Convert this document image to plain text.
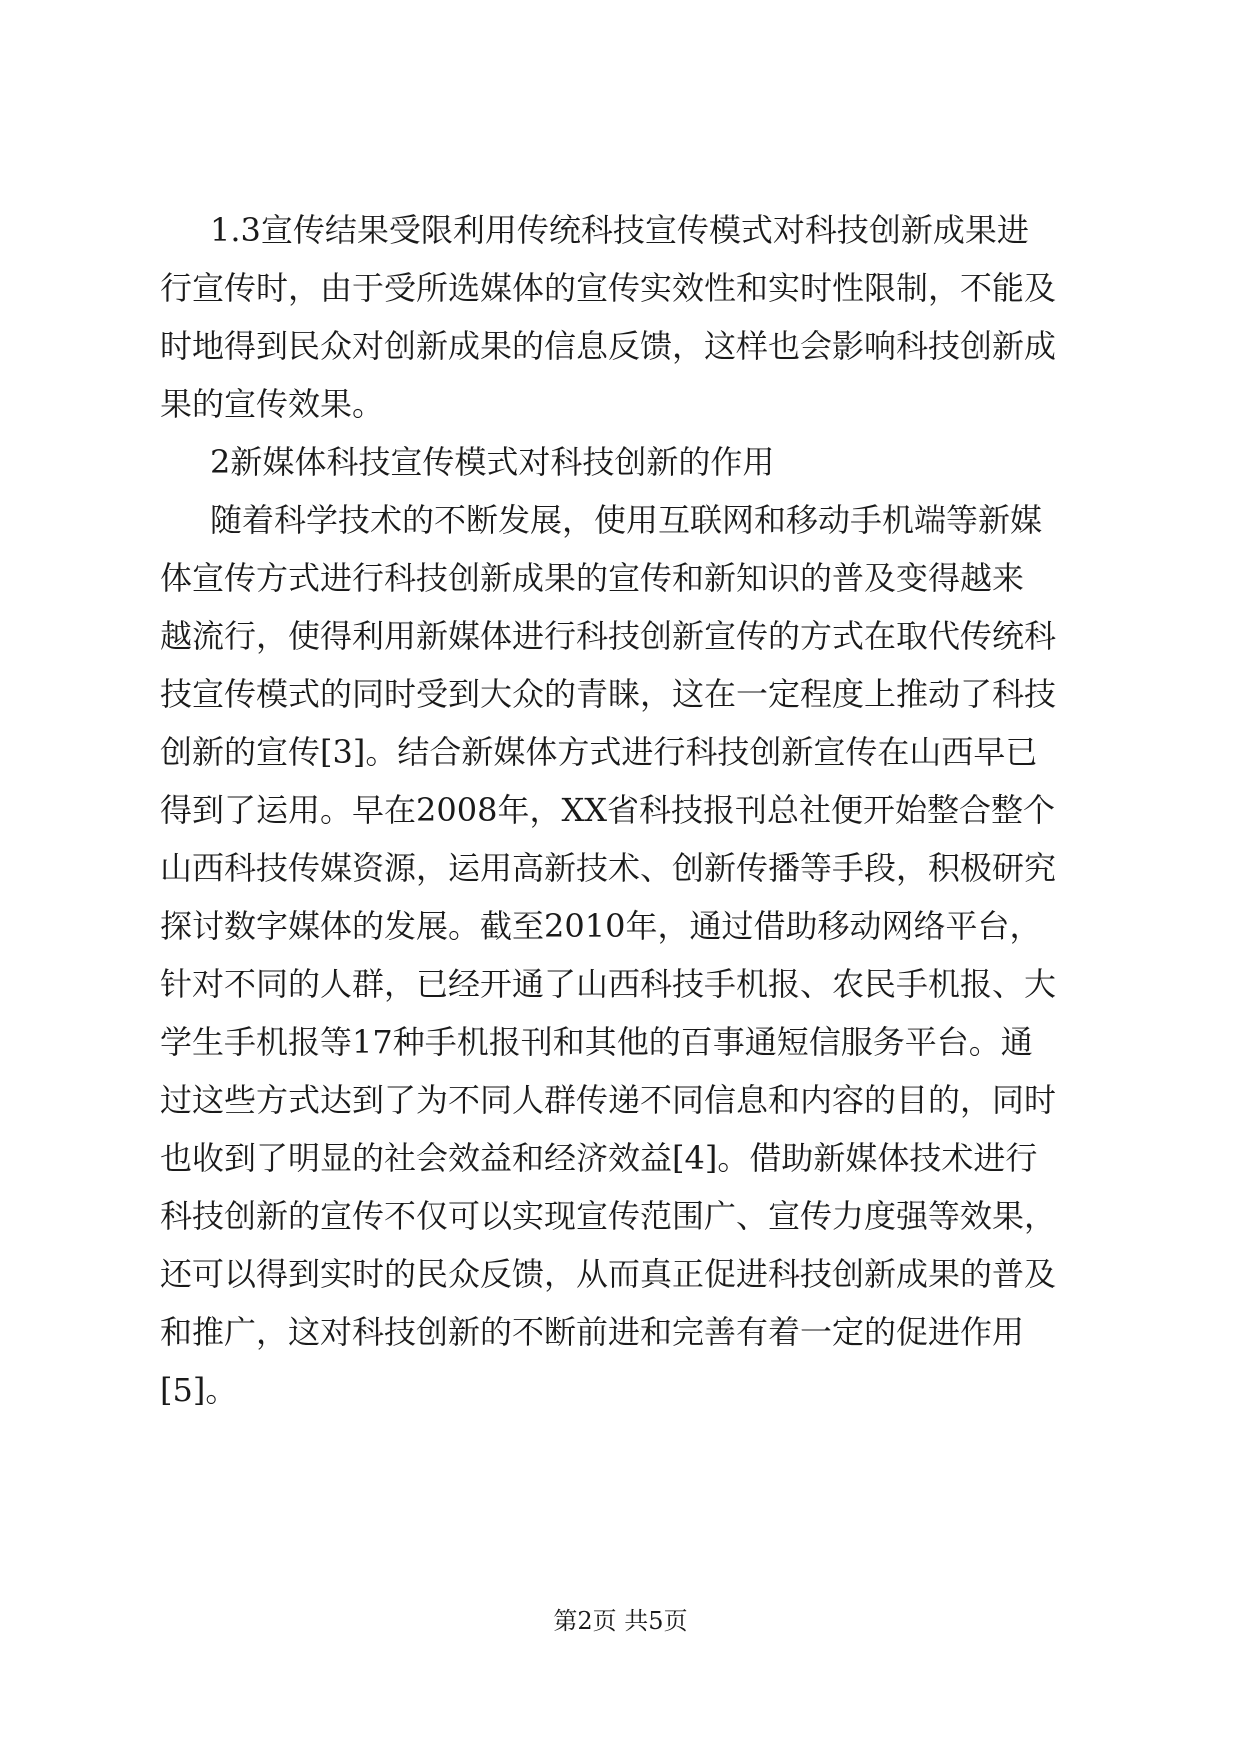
1.3宣传结果受限利用传统科技宣传模式对科技创新成果进
行宣传时，由于受所选媒体的宣传实效性和实时性限制，不能及
时地得到民众对创新成果的信息反馈，这样也会影响科技创新成
果的宣传效果。
2新媒体科技宣传模式对科技创新的作用
随着科学技术的不断发展，使用互联网和移动手机端等新媒
体宣传方式进行科技创新成果的宣传和新知识的普及变得越来
越流行，使得利用新媒体进行科技创新宣传的方式在取代传统科
技宣传模式的同时受到大众的青睐，这在一定程度上推动了科技
创新的宣传[3]。结合新媒体方式进行科技创新宣传在山西早已
得到了运用。早在2008年，XX省科技报刊总社便开始整合整个
山西科技传媒资源，运用高新技术、创新传播等手段，积极研究
探讨数字媒体的发展。截至2010年，通过借助移动网络平台，
针对不同的人群，已经开通了山西科技手机报、农民手机报、大
学生手机报等17种手机报刊和其他的百事通短信服务平台。通
过这些方式达到了为不同人群传递不同信息和内容的目的，同时
也收到了明显的社会效益和经济效益[4]。借助新媒体技术进行
科技创新的宣传不仅可以实现宣传范围广、宣传力度强等效果，
还可以得到实时的民众反馈，从而真正促进科技创新成果的普及
和推广，这对科技创新的不断前进和完善有着一定的促进作用
[5]。
第2页 共5页
